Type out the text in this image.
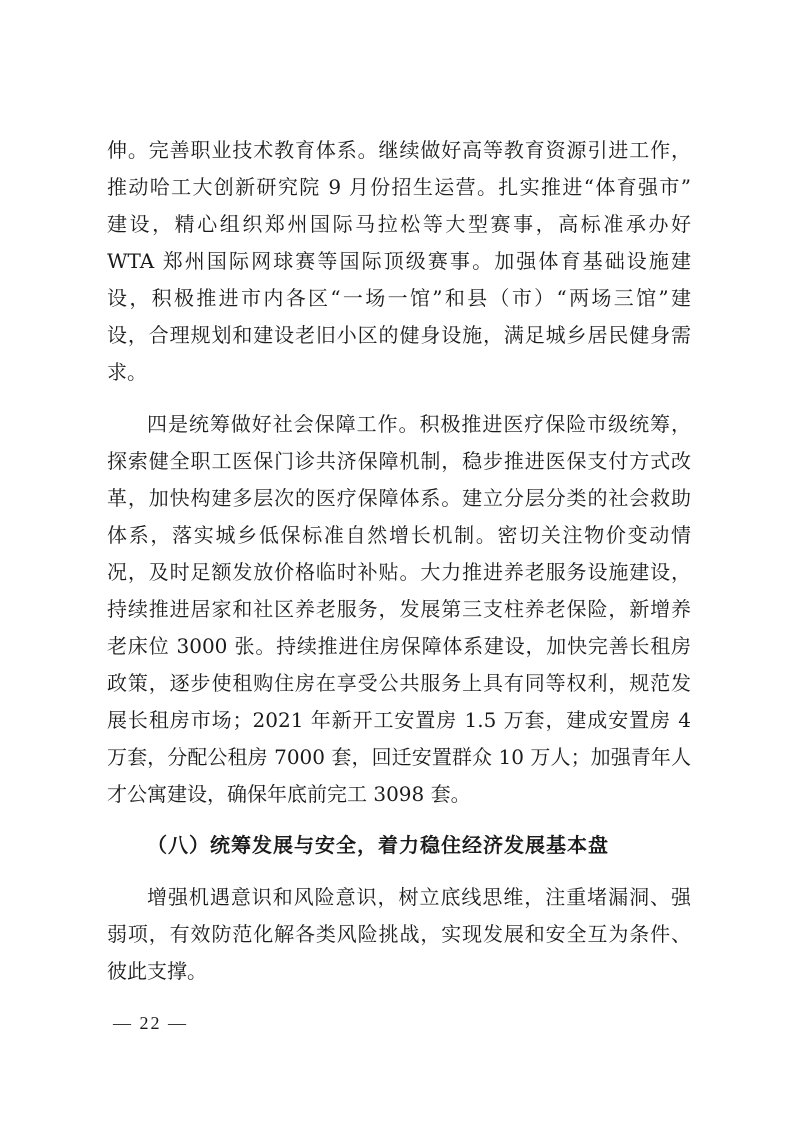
伸。完善职业技术教育体系。继续做好高等教育资源引进工作，
推动哈工大创新研究院 9 月份招生运营。扎实推进“体育强市”
建设，精心组织郑州国际马拉松等大型赛事，高标准承办好
WTA 郑州国际网球赛等国际顶级赛事。加强体育基础设施建
设，积极推进市内各区“一场一馆”和县（市）“两场三馆”建
设，合理规划和建设老旧小区的健身设施，满足城乡居民健身需
求。
四是统筹做好社会保障工作。积极推进医疗保险市级统筹，
探索健全职工医保门诊共济保障机制，稳步推进医保支付方式改
革，加快构建多层次的医疗保障体系。建立分层分类的社会救助
体系，落实城乡低保标准自然增长机制。密切关注物价变动情
况，及时足额发放价格临时补贴。大力推进养老服务设施建设，
持续推进居家和社区养老服务，发展第三支柱养老保险，新增养
老床位 3000 张。持续推进住房保障体系建设，加快完善长租房
政策，逐步使租购住房在享受公共服务上具有同等权利，规范发
展长租房市场；2021 年新开工安置房 1.5 万套，建成安置房 4
万套，分配公租房 7000 套，回迁安置群众 10 万人；加强青年人
才公寓建设，确保年底前完工 3098 套。
（八）统筹发展与安全，着力稳住经济发展基本盘
增强机遇意识和风险意识，树立底线思维，注重堵漏洞、强
弱项，有效防范化解各类风险挑战，实现发展和安全互为条件、
彼此支撑。
— 22 —
